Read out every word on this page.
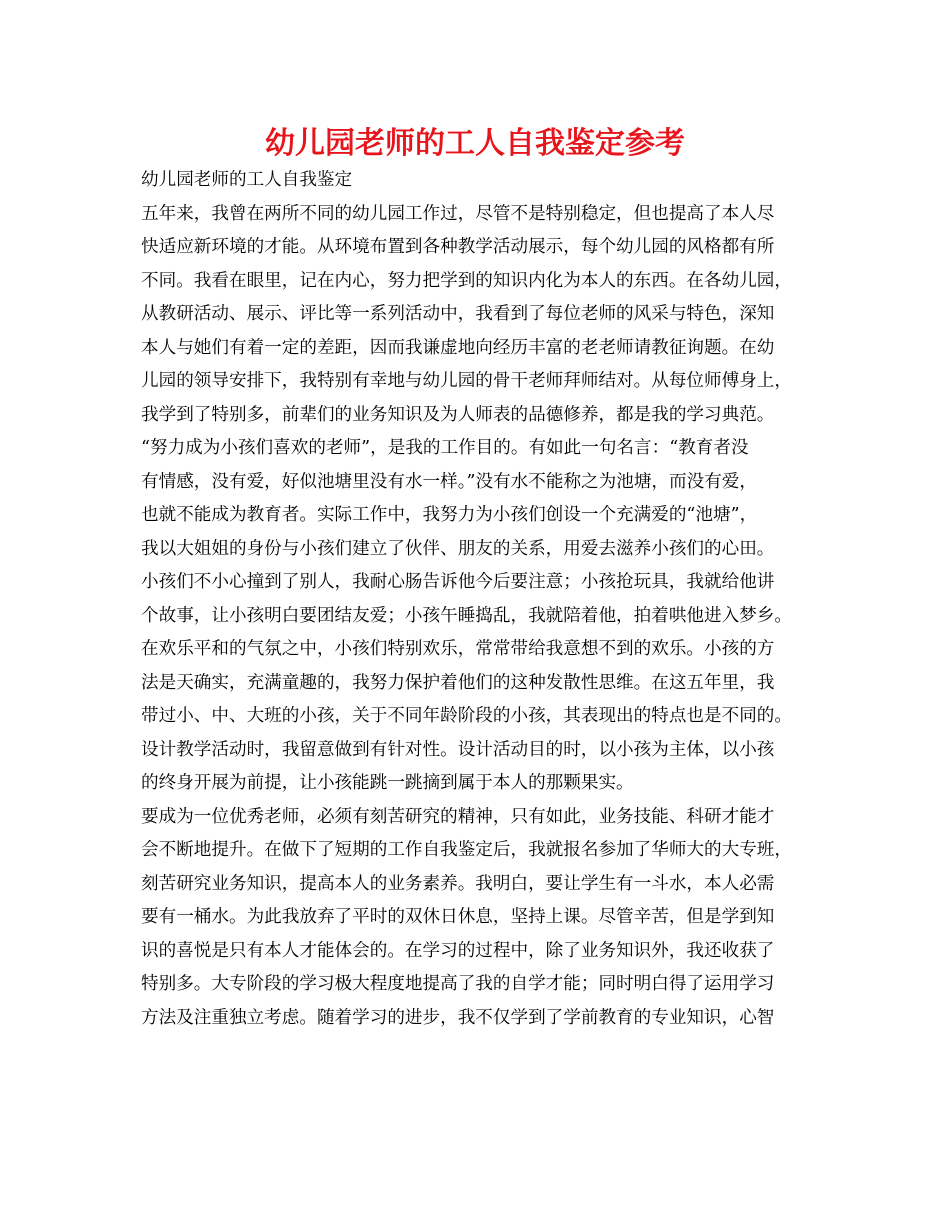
幼儿园老师的工人自我鉴定参考
幼儿园老师的工人自我鉴定
五年来，我曾在两所不同的幼儿园工作过，尽管不是特别稳定，但也提高了本人尽
快适应新环境的才能。从环境布置到各种教学活动展示，每个幼儿园的风格都有所
不同。我看在眼里，记在内心，努力把学到的知识内化为本人的东西。在各幼儿园，
从教研活动、展示、评比等一系列活动中，我看到了每位老师的风采与特色，深知
本人与她们有着一定的差距，因而我谦虚地向经历丰富的老老师请教征询题。在幼
儿园的领导安排下，我特别有幸地与幼儿园的骨干老师拜师结对。从每位师傅身上，
我学到了特别多，前辈们的业务知识及为人师表的品德修养，都是我的学习典范。
“努力成为小孩们喜欢的老师”，是我的工作目的。有如此一句名言：“教育者没
有情感，没有爱，好似池塘里没有水一样。”没有水不能称之为池塘，而没有爱，
也就不能成为教育者。实际工作中，我努力为小孩们创设一个充满爱的“池塘”，
我以大姐姐的身份与小孩们建立了伙伴、朋友的关系，用爱去滋养小孩们的心田。
小孩们不小心撞到了别人，我耐心肠告诉他今后要注意；小孩抢玩具，我就给他讲
个故事，让小孩明白要团结友爱；小孩午睡捣乱，我就陪着他，拍着哄他进入梦乡。
在欢乐平和的气氛之中，小孩们特别欢乐，常常带给我意想不到的欢乐。小孩的方
法是天确实，充满童趣的，我努力保护着他们的这种发散性思维。在这五年里，我
带过小、中、大班的小孩，关于不同年龄阶段的小孩，其表现出的特点也是不同的。
设计教学活动时，我留意做到有针对性。设计活动目的时，以小孩为主体，以小孩
的终身开展为前提，让小孩能跳一跳摘到属于本人的那颗果实。
要成为一位优秀老师，必须有刻苦研究的精神，只有如此，业务技能、科研才能才
会不断地提升。在做下了短期的工作自我鉴定后，我就报名参加了华师大的大专班，
刻苦研究业务知识，提高本人的业务素养。我明白，要让学生有一斗水，本人必需
要有一桶水。为此我放弃了平时的双休日休息，坚持上课。尽管辛苦，但是学到知
识的喜悦是只有本人才能体会的。在学习的过程中，除了业务知识外，我还收获了
特别多。大专阶段的学习极大程度地提高了我的自学才能；同时明白得了运用学习
方法及注重独立考虑。随着学习的进步，我不仅学到了学前教育的专业知识，心智
